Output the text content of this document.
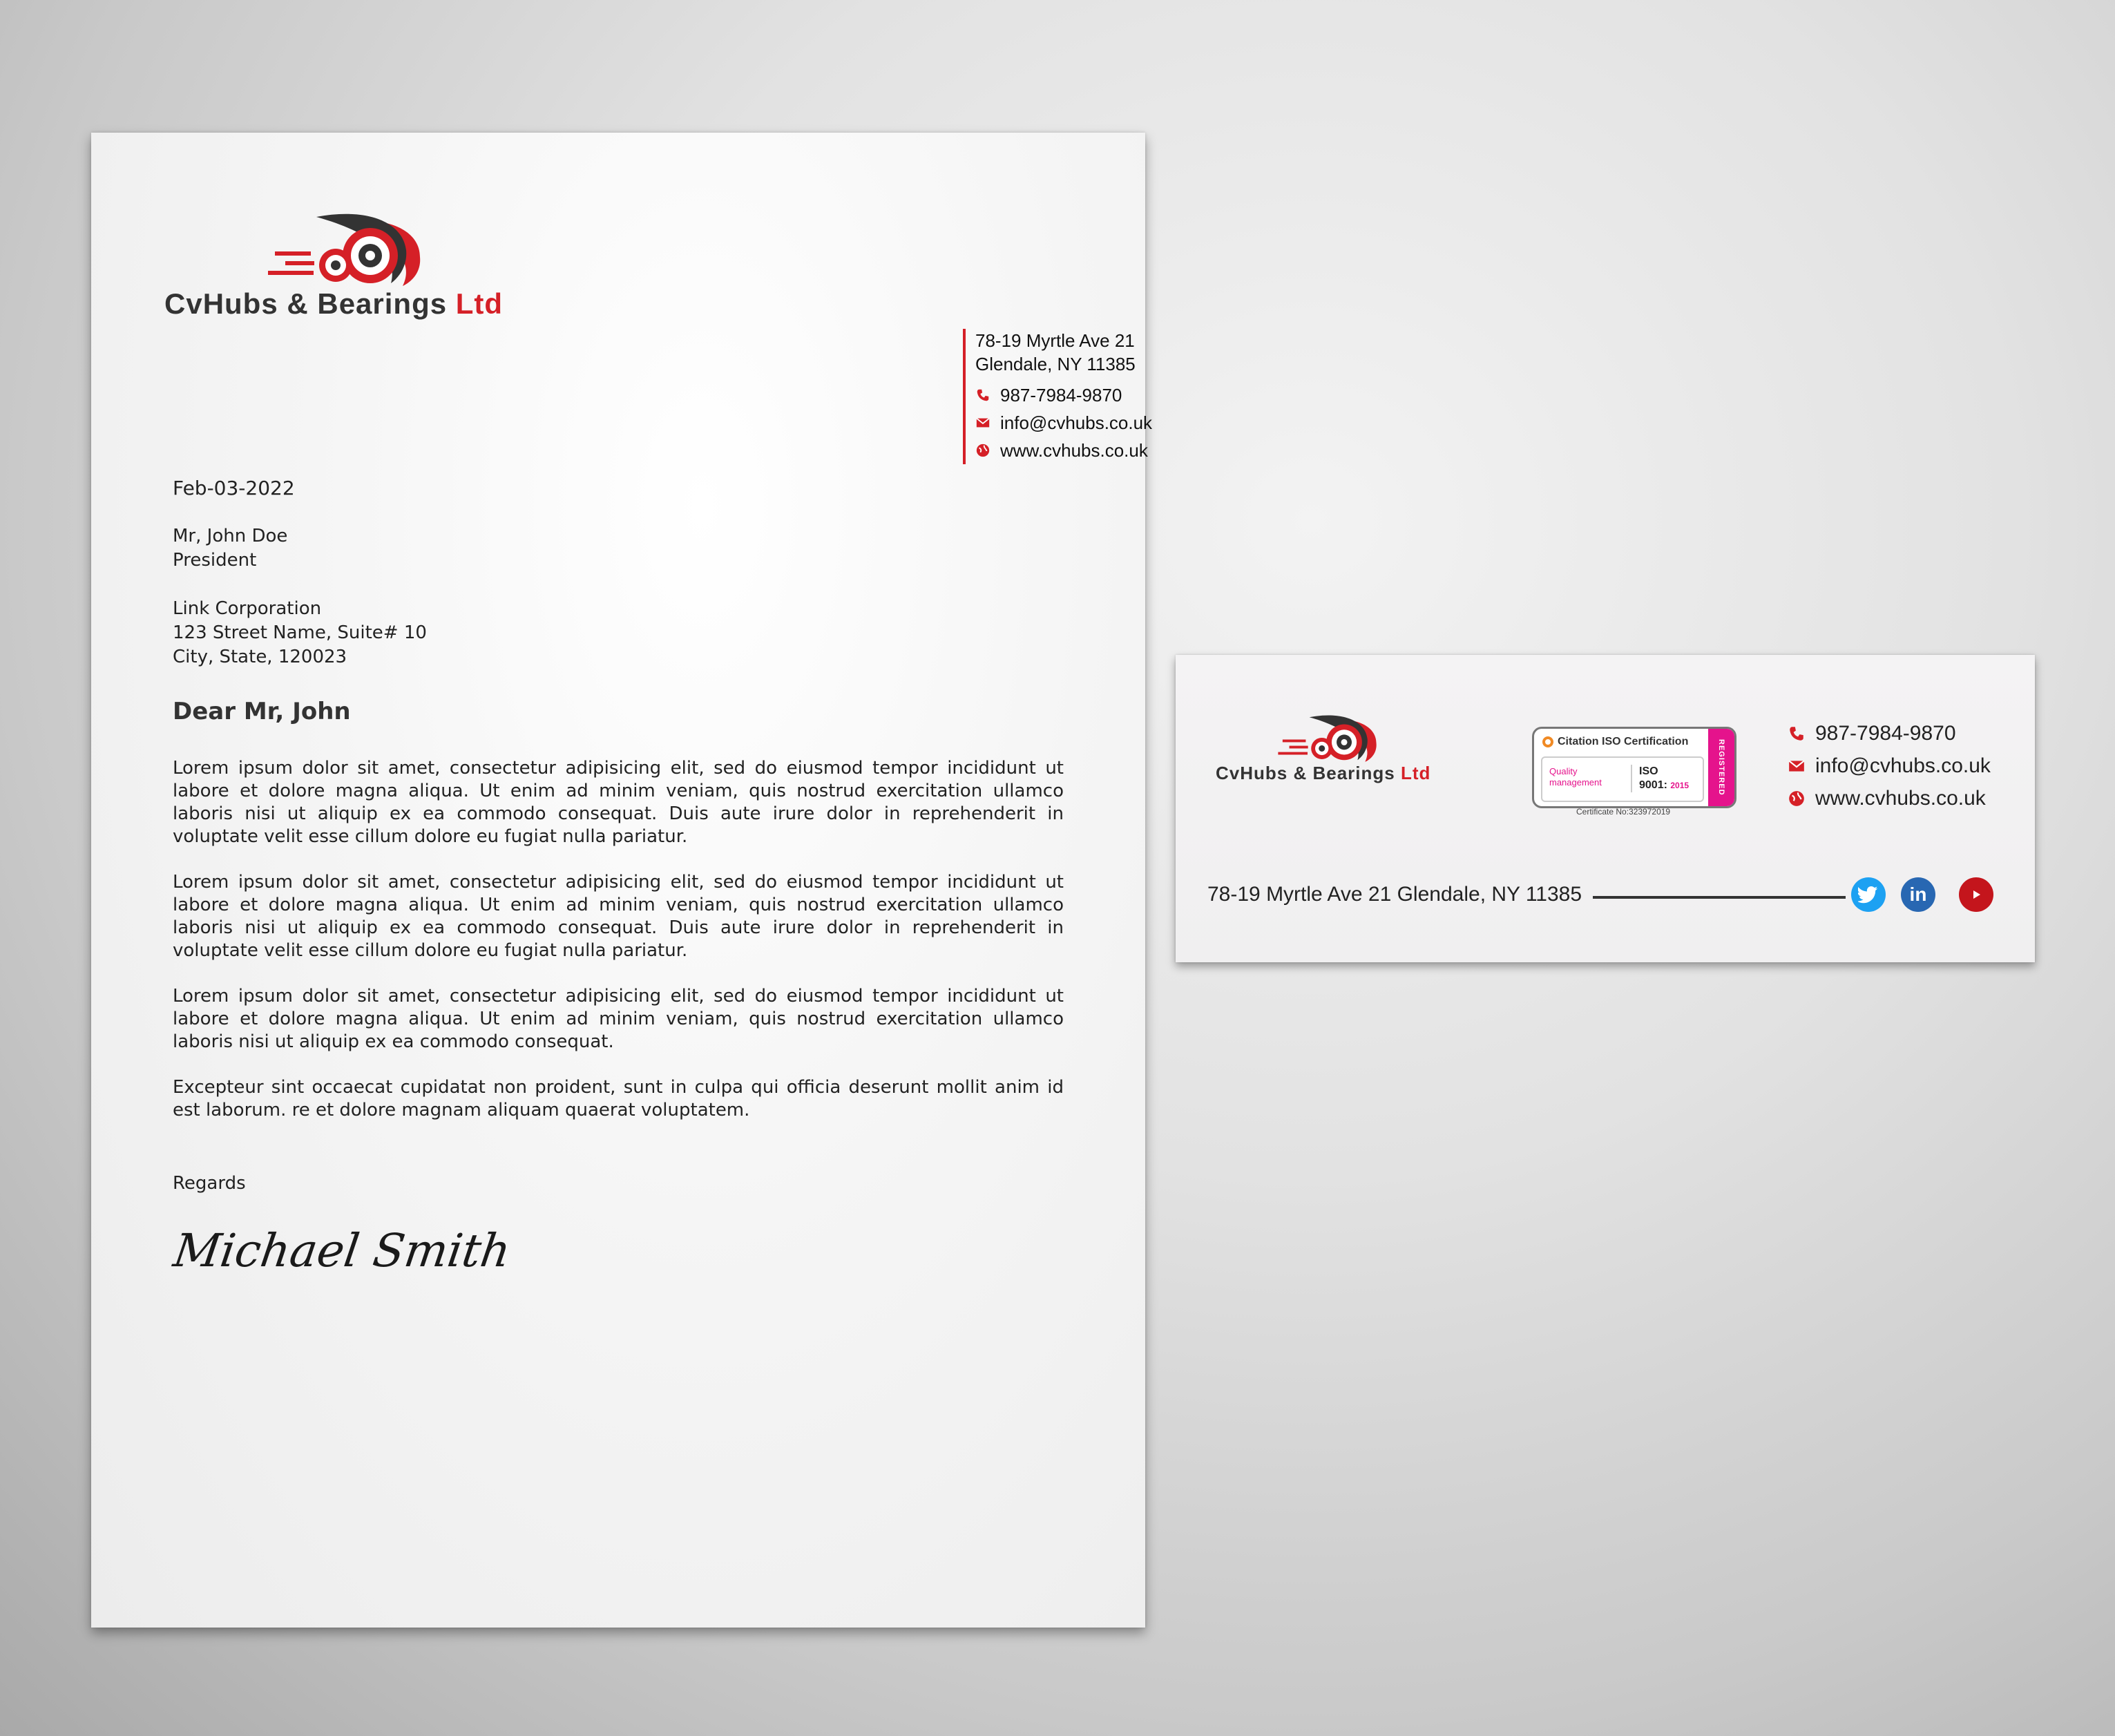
CvHubs & Bearings Ltd
78-19 Myrtle Ave 21
Glendale, NY 11385
987-7984-9870
info@cvhubs.co.uk
www.cvhubs.co.uk
Feb-03-2022
Mr, John Doe
President
Link Corporation
123 Street Name, Suite# 10
City, State, 120023
Dear Mr, John

Lorem ipsum dolor sit amet, consectetur adipisicing elit, sed do eiusmod tempor incididunt ut labore et dolore magna aliqua. Ut enim ad minim veniam, quis nostrud exercitation ullamco laboris nisi ut aliquip ex ea commodo consequat. Duis aute irure dolor in reprehenderit in voluptate velit esse cillum dolore eu fugiat nulla pariatur.

Lorem ipsum dolor sit amet, consectetur adipisicing elit, sed do eiusmod tempor incididunt ut labore et dolore magna aliqua. Ut enim ad minim veniam, quis nostrud exercitation ullamco laboris nisi ut aliquip ex ea commodo consequat. Duis aute irure dolor in reprehenderit in voluptate velit esse cillum dolore eu fugiat nulla pariatur.

Lorem ipsum dolor sit amet, consectetur adipisicing elit, sed do eiusmod tempor incididunt ut labore et dolore magna aliqua. Ut enim ad minim veniam, quis nostrud exercitation ullamco laboris nisi ut aliquip ex ea commodo consequat.

Excepteur sint occaecat cupidatat non proident, sunt in culpa qui officia deserunt mollit anim id est laborum. re et dolore magnam aliquam quaerat voluptatem.

Regards
Michael Smith
CvHubs & Bearings Ltd
Citation ISO Certification
Quality management
ISO
9001: 2015	REGISTERED
Certificate No:323972019
987-7984-9870
info@cvhubs.co.uk
www.cvhubs.co.uk
78-19 Myrtle Ave 21 Glendale, NY 11385	in
